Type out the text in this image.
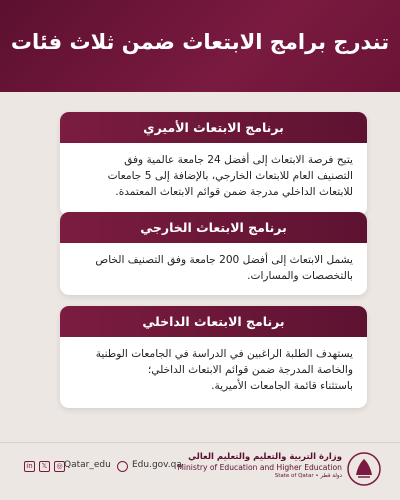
تندرج برامج الابتعاث ضمن ثلاث فئات
برنامج الابتعاث الأميري
يتيح فرصة الابتعاث إلى أفضل 24 جامعة عالمية وفق
التصنيف العام للابتعاث الخارجي، بالإضافة إلى 5 جامعات
للابتعاث الداخلي مدرجة ضمن قوائم الابتعاث المعتمدة.
برنامج الابتعاث الخارجي
يشمل الابتعاث إلى أفضل 200 جامعة وفق التصنيف الخاص
بالتخصصات والمسارات.
برنامج الابتعاث الداخلي
يستهدف الطلبة الراغبين في الدراسة في الجامعات الوطنية
والخاصة المدرجة ضمن قوائم الابتعاث الداخلي؛
باستثناء قائمة الجامعات الأميرية.
in	𝕏	◎ Qatar_edu Edu.gov.qa
وزارة التربية والتعليم والتعليم العالي
Ministry of Education and Higher Education
State of Qatar • دولة قطر
